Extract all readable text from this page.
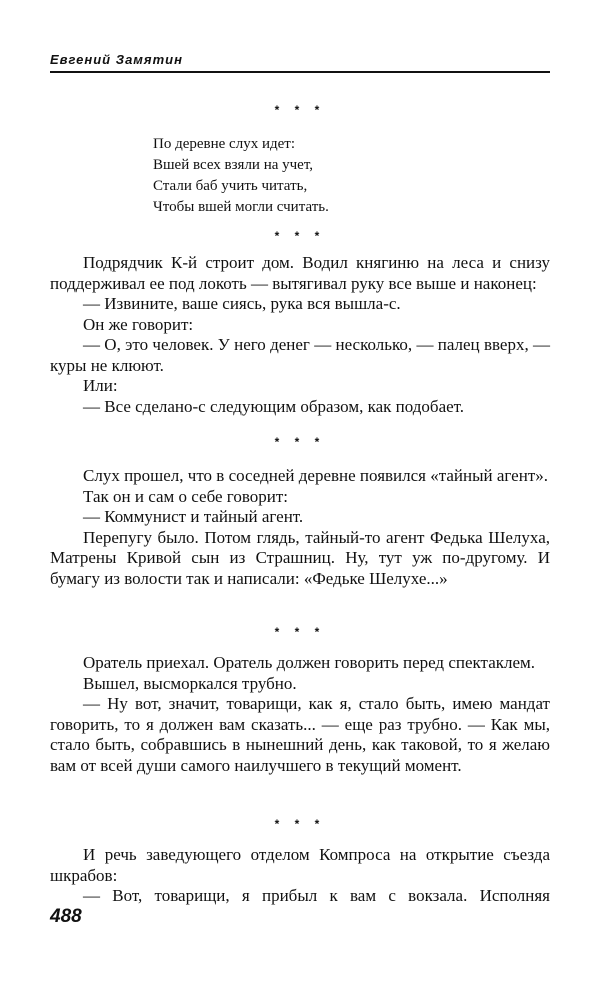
Евгений Замятин
* * *
По деревне слух идет:
Вшей всех взяли на учет,
Стали баб учить читать,
Чтобы вшей могли считать.
* * *

Подрядчик К-й строит дом. Водил княгиню на леса и снизу поддерживал ее под локоть — вытягивал руку все выше и наконец:

— Извините, ваше сиясь, рука вся вышла-с.

Он же говорит:

— О, это человек. У него денег — несколько, — палец вверх, — куры не клюют.

Или:

— Все сделано-с следующим образом, как подобает.

* * *

Слух прошел, что в соседней деревне появился «тайный агент».

Так он и сам о себе говорит:

— Коммунист и тайный агент.

Перепугу было. Потом глядь, тайный-то агент Федька Шелуха, Матрены Кривой сын из Страшниц. Ну, тут уж по-другому. И бумагу из волости так и написали: «Федьке Шелухе...»

* * *

Оратель приехал. Оратель должен говорить перед спектаклем.

Вышел, высморкался трубно.

— Ну вот, значит, товарищи, как я, стало быть, имею мандат говорить, то я должен вам сказать... — еще раз трубно. — Как мы, стало быть, собравшись в нынешний день, как таковой, то я желаю вам от всей души самого наилучшего в текущий момент.

* * *

И речь заведующего отделом Компроса на открытие съезда шкрабов:

— Вот, товарищи, я прибыл к вам с вокзала. Исполняя

488
